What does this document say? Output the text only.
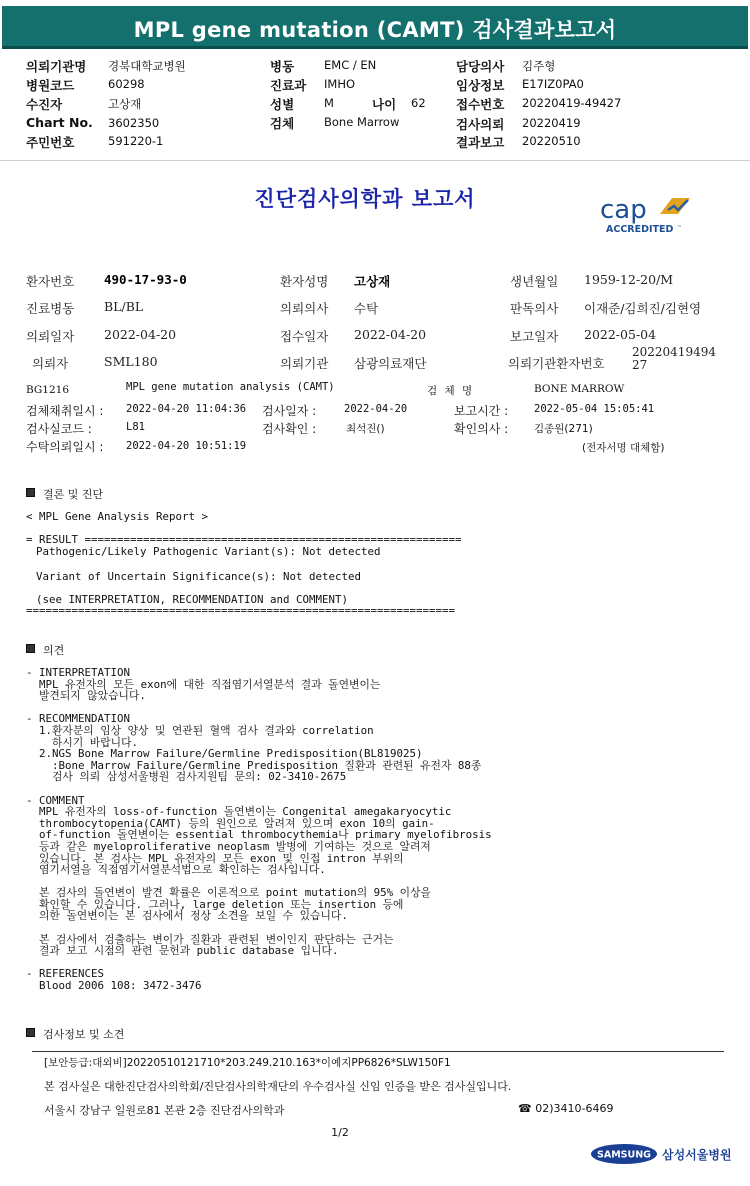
MPL gene mutation (CAMT) 검사결과보고서
의뢰기관명 경북대학교병원
병원코드	60298
수진자	고상재
Chart No. 3602350
주민번호	591220-1
병동	EMC / EN
진료과 IMHO
성별	M	나이 62
검체	Bone Marrow
담당의사 김주형
임상정보 E17IZ0PA0
접수번호 20220419-49427
검사의뢰 20220419
결과보고 20220510
진단검사의학과 보고서	cap
ACCREDITED ™
환자번호 490-17-93-0	환자성명 고상재	생년월일 1959-12-20/M
진료병동 BL/BL	의뢰의사 수탁	판독의사 이재준/김희진/김현영
의뢰일자 2022-04-20	접수일자 2022-04-20	보고일자 2022-05-04
의뢰자	SML180	의뢰기관 삼광의료재단	의뢰기관환자번호
2022041949427
BG1216	MPL gene mutation analysis (CAMT)	검 체 명	BONE MARROW
검체채취일시 : 2022-04-20 11:04:36 검사일자 :	2022-04-20	보고시간 : 2022-05-04 15:05:41
검사실코드 :	L81	검사확인 :	최석진()	확인의사 : 김종원(271)
수탁의뢰일시 : 2022-04-20 10:51:19	(전자서명 대체함)
결론 및 진단
< MPL Gene Analysis Report >
= RESULT ==========================================================
Pathogenic/Likely Pathogenic Variant(s): Not detected
Variant of Uncertain Significance(s): Not detected
(see INTERPRETATION, RECOMMENDATION and COMMENT)
==================================================================
의견
- INTERPRETATION
MPL 유전자의 모든 exon에 대한 직접염기서열분석 결과 돌연변이는
발견되지 않았습니다.

- RECOMMENDATION
1.환자분의 임상 양상 및 연관된 혈액 검사 결과와 correlation
하시기 바랍니다.
2.NGS Bone Marrow Failure/Germline Predisposition(BL819025)
:Bone Marrow Failure/Germline Predisposition 질환과 관련된 유전자 88종
검사 의뢰 삼성서울병원 검사지원팀 문의: 02-3410-2675

- COMMENT
MPL 유전자의 loss-of-function 돌연변이는 Congenital amegakaryocytic
thrombocytopenia(CAMT) 등의 원인으로 알려져 있으며 exon 10의 gain-
of-function 돌연변이는 essential thrombocythemia나 primary myelofibrosis
등과 같은 myeloproliferative neoplasm 발병에 기여하는 것으로 알려져
있습니다. 본 검사는 MPL 유전자의 모든 exon 및 인접 intron 부위의
염기서열을 직접염기서열분석법으로 확인하는 검사입니다.

본 검사의 돌연변이 발견 확률은 이론적으로 point mutation의 95% 이상을
확인할 수 있습니다. 그러나, large deletion 또는 insertion 등에
의한 돌연변이는 본 검사에서 정상 소견을 보일 수 있습니다.

본 검사에서 검출하는 변이가 질환과 관련된 변이인지 판단하는 근거는
결과 보고 시점의 관련 문헌과 public database 입니다.

- REFERENCES
Blood 2006 108: 3472-3476
검사정보 및 소견
[보안등급:대외비]20220510121710*203.249.210.163*이예지PP6826*SLW150F1
본 검사실은 대한진단검사의학회/진단검사의학재단의 우수검사실 신임 인증을 받은 검사실입니다.
서울시 강남구 일원로81 본관 2층 진단검사의학과	☎ 02)3410-6469
1/2
SAMSUNG 삼성서울병원
